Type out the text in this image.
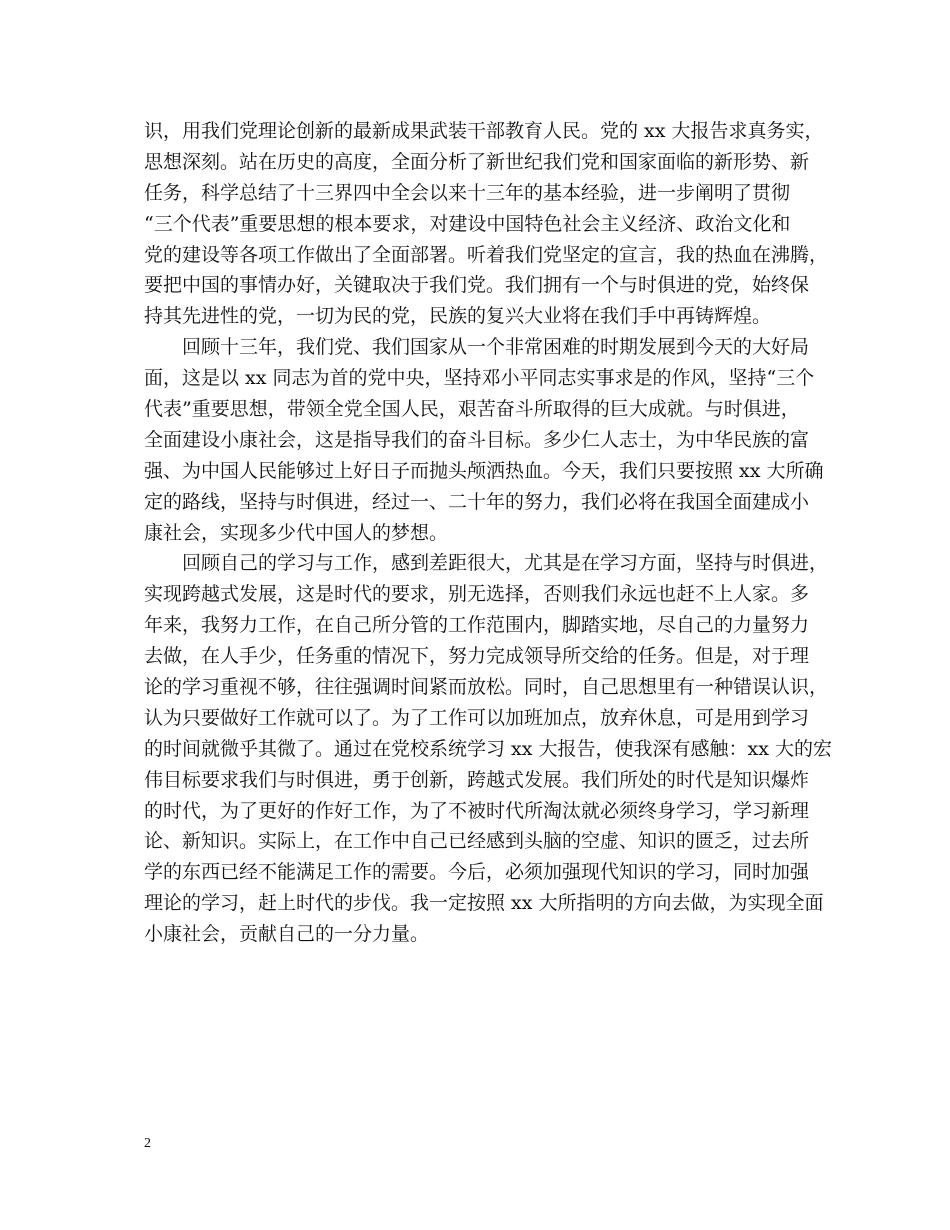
识，用我们党理论创新的最新成果武装干部教育人民。党的 xx 大报告求真务实，
思想深刻。站在历史的高度，全面分析了新世纪我们党和国家面临的新形势、新
任务，科学总结了十三界四中全会以来十三年的基本经验，进一步阐明了贯彻
“三个代表”重要思想的根本要求，对建设中国特色社会主义经济、政治文化和
党的建设等各项工作做出了全面部署。听着我们党坚定的宣言，我的热血在沸腾，
要把中国的事情办好，关键取决于我们党。我们拥有一个与时俱进的党，始终保
持其先进性的党，一切为民的党，民族的复兴大业将在我们手中再铸辉煌。
回顾十三年，我们党、我们国家从一个非常困难的时期发展到今天的大好局
面，这是以 xx 同志为首的党中央，坚持邓小平同志实事求是的作风，坚持“三个
代表”重要思想，带领全党全国人民，艰苦奋斗所取得的巨大成就。与时俱进，
全面建设小康社会，这是指导我们的奋斗目标。多少仁人志士，为中华民族的富
强、为中国人民能够过上好日子而抛头颅洒热血。今天，我们只要按照 xx 大所确
定的路线，坚持与时俱进，经过一、二十年的努力，我们必将在我国全面建成小
康社会，实现多少代中国人的梦想。
回顾自己的学习与工作，感到差距很大，尤其是在学习方面，坚持与时俱进，
实现跨越式发展，这是时代的要求，别无选择，否则我们永远也赶不上人家。多
年来，我努力工作，在自己所分管的工作范围内，脚踏实地，尽自己的力量努力
去做，在人手少，任务重的情况下，努力完成领导所交给的任务。但是，对于理
论的学习重视不够，往往强调时间紧而放松。同时，自己思想里有一种错误认识，
认为只要做好工作就可以了。为了工作可以加班加点，放弃休息，可是用到学习
的时间就微乎其微了。通过在党校系统学习 xx 大报告，使我深有感触：xx 大的宏
伟目标要求我们与时俱进，勇于创新，跨越式发展。我们所处的时代是知识爆炸
的时代，为了更好的作好工作，为了不被时代所淘汰就必须终身学习，学习新理
论、新知识。实际上，在工作中自己已经感到头脑的空虚、知识的匮乏，过去所
学的东西已经不能满足工作的需要。今后，必须加强现代知识的学习，同时加强
理论的学习，赶上时代的步伐。我一定按照 xx 大所指明的方向去做，为实现全面
小康社会，贡献自己的一分力量。
2
